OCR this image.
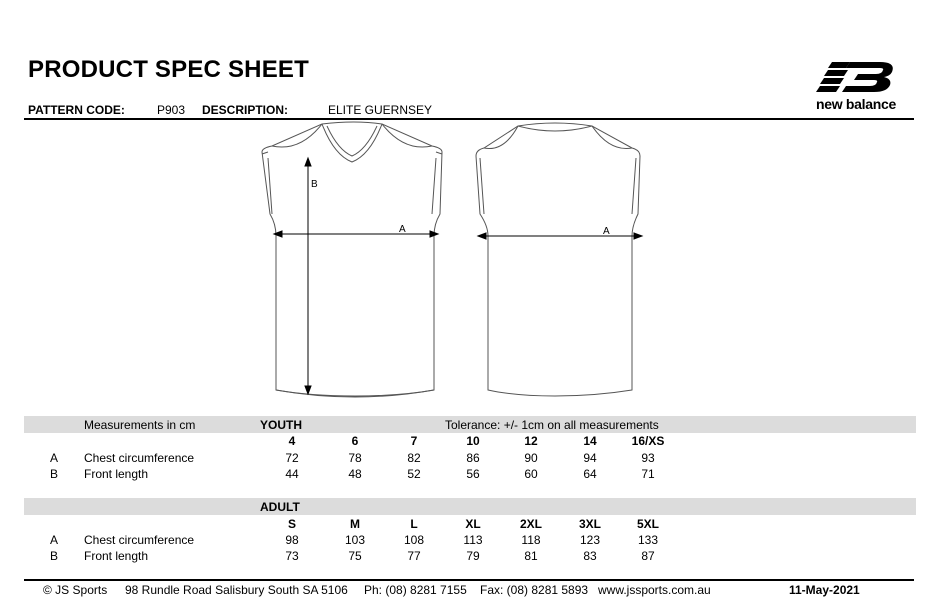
PRODUCT SPEC SHEET
PATTERN CODE:	P903 DESCRIPTION:	ELITE GUERNSEY	new balance
B
A	A
Measurements in cm	YOUTH	Tolerance: +/- 1cm on all measurements
4	6	7	10	12	14	16/XS
A Chest circumference	72	78	82	86	90	94	93
B Front length	44	48	52	56	60	64	71
ADULT
S	M	L	XL	2XL	3XL	5XL
A Chest circumference	98	103	108	113	118	123	133
B Front length	73	75	77	79	81	83	87
© JS Sports 98 Rundle Road Salisbury South SA 5106 Ph: (08) 8281 7155 Fax: (08) 8281 5893 www.jssports.com.au	11-May-2021
